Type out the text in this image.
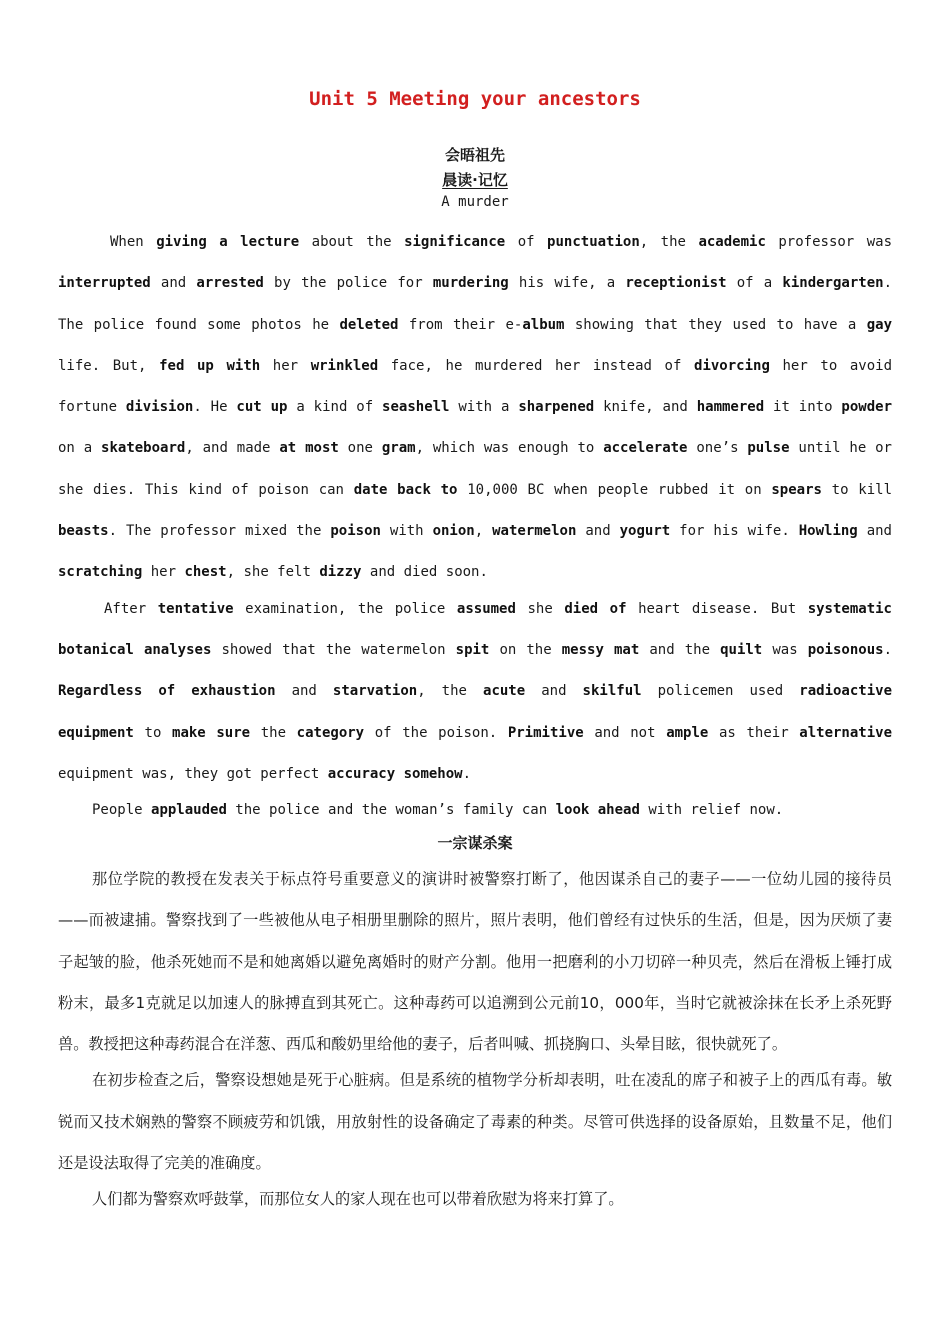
Unit 5 Meeting your ancestors
会晤祖先
晨读·记忆
A murder

When giving a lecture about the significance of punctuation, the academic professor was interrupted and arrested by the police for murdering his wife, a receptionist of a kindergarten. The police found some photos he deleted from their e-album showing that they used to have a gay life. But, fed up with her wrinkled face, he murdered her instead of divorcing her to avoid fortune division. He cut up a kind of seashell with a sharpened knife, and hammered it into powder on a skateboard, and made at most one gram, which was enough to accelerate one’s pulse until he or she dies. This kind of poison can date back to 10,000 BC when people rubbed it on spears to kill beasts. The professor mixed the poison with onion, watermelon and yogurt for his wife. Howling and scratching her chest, she felt dizzy and died soon.

After tentative examination, the police assumed she died of heart disease. But systematic botanical analyses showed that the watermelon spit on the messy mat and the quilt was poisonous. Regardless of exhaustion and starvation, the acute and skilful policemen used radioactive equipment to make sure the category of the poison. Primitive and not ample as their alternative equipment was, they got perfect accuracy somehow.

People applauded the police and the woman’s family can look ahead with relief now.

一宗谋杀案

那位学院的教授在发表关于标点符号重要意义的演讲时被警察打断了，他因谋杀自己的妻子——一位幼儿园的接待员——而被逮捕。警察找到了一些被他从电子相册里删除的照片，照片表明，他们曾经有过快乐的生活，但是，因为厌烦了妻子起皱的脸，他杀死她而不是和她离婚以避免离婚时的财产分割。他用一把磨利的小刀切碎一种贝壳，然后在滑板上锤打成粉末，最多1克就足以加速人的脉搏直到其死亡。这种毒药可以追溯到公元前10，000年，当时它就被涂抹在长矛上杀死野兽。教授把这种毒药混合在洋葱、西瓜和酸奶里给他的妻子，后者叫喊、抓挠胸口、头晕目眩，很快就死了。

在初步检查之后，警察设想她是死于心脏病。但是系统的植物学分析却表明，吐在凌乱的席子和被子上的西瓜有毒。敏锐而又技术娴熟的警察不顾疲劳和饥饿，用放射性的设备确定了毒素的种类。尽管可供选择的设备原始，且数量不足，他们还是设法取得了完美的准确度。

人们都为警察欢呼鼓掌，而那位女人的家人现在也可以带着欣慰为将来打算了。
